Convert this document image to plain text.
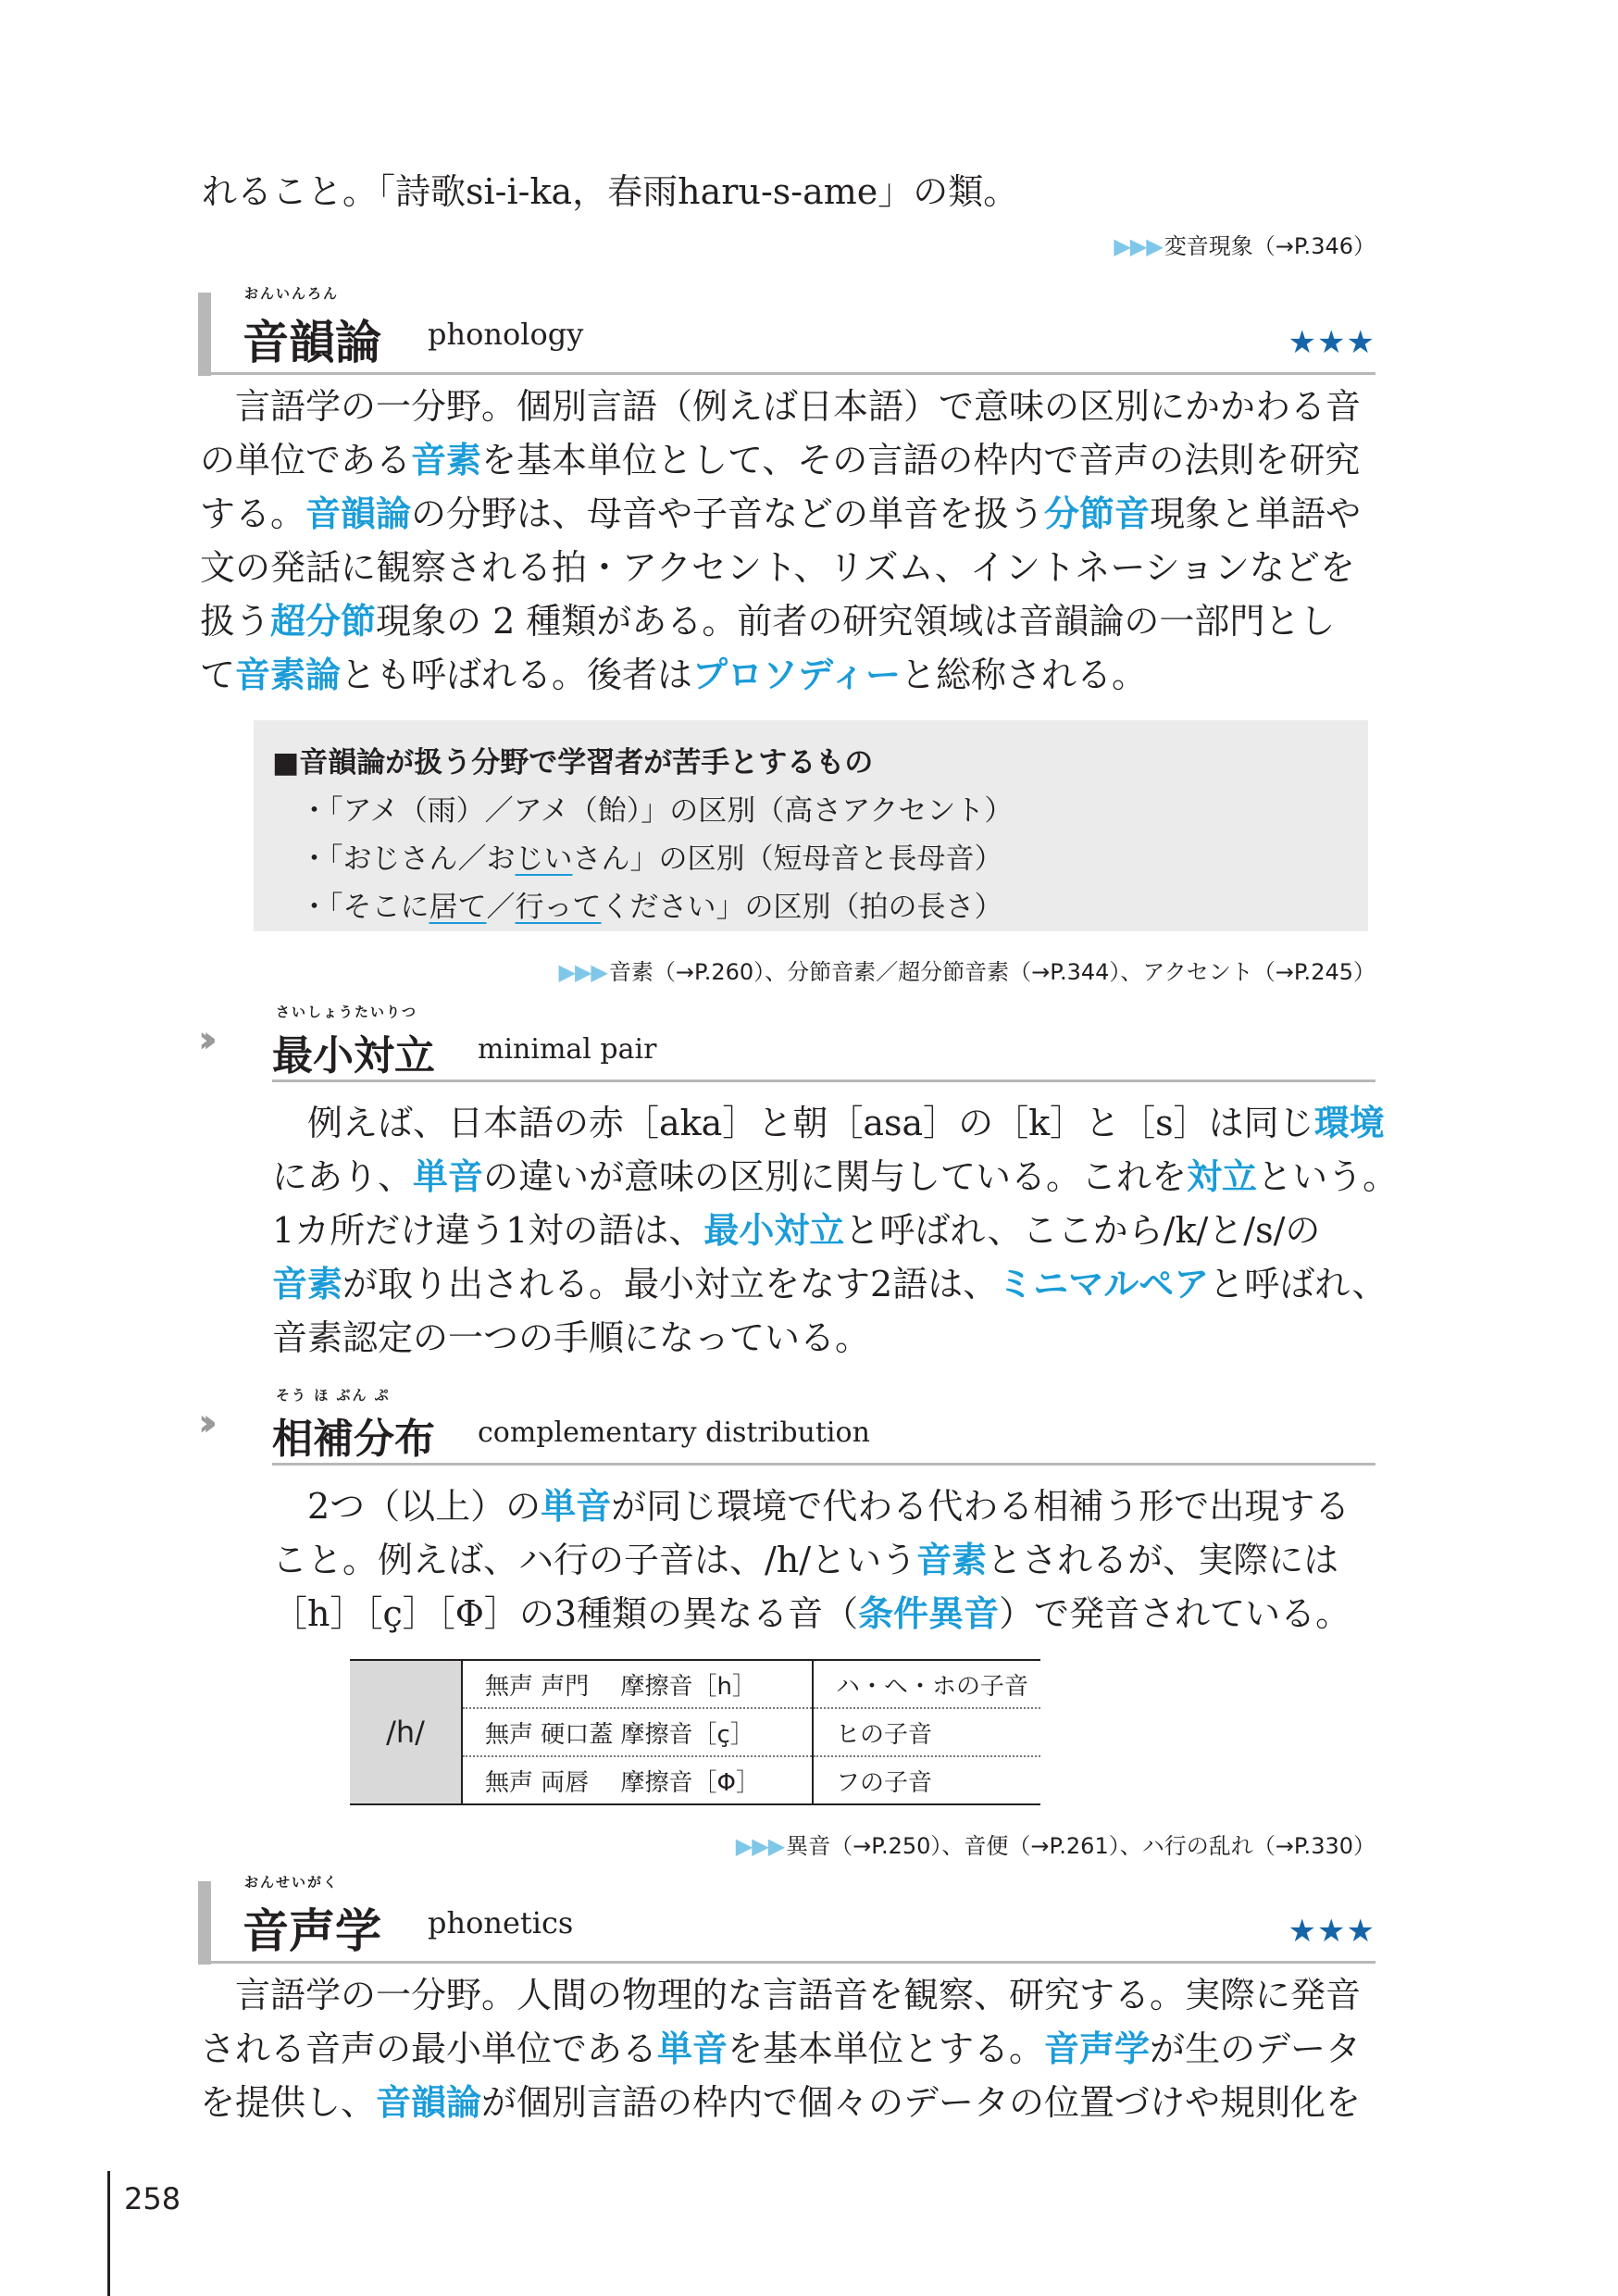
れること。「詩歌si-i-ka，春雨haru-s-ame」の類。
▶▶▶変音現象（→P.346）
おんいんろん
音韻論 phonology	★★★
　言語学の一分野。個別言語（例えば日本語）で意味の区別にかかわる音
の単位である音素を基本単位として、その言語の枠内で音声の法則を研究
する。音韻論の分野は、母音や子音などの単音を扱う分節音現象と単語や
文の発話に観察される拍・アクセント、リズム、イントネーションなどを
扱う超分節現象の 2 種類がある。前者の研究領域は音韻論の一部門とし
て音素論とも呼ばれる。後者はプロソディーと総称される。
■音韻論が扱う分野で学習者が苦手とするもの
・「アメ（雨）／アメ（飴）」の区別（高さアクセント）
・「おじさん／おじいさん」の区別（短母音と長母音）
・「そこに居て／行ってください」の区別（拍の長さ）
▶▶▶音素（→P.260）、分節音素／超分節音素（→P.344）、アクセント（→P.245）
››
さいしょうたいりつ
最小対立 minimal pair
　例えば、日本語の赤［aka］と朝［asa］の［k］と［s］は同じ環境
にあり、単音の違いが意味の区別に関与している。これを対立という。
1カ所だけ違う1対の語は、最小対立と呼ばれ、ここから/k/と/s/の
音素が取り出される。最小対立をなす2語は、ミニマルペアと呼ばれ、
音素認定の一つの手順になっている。
››
そう ほ ぶん ぷ
相補分布 complementary distribution
　2つ（以上）の単音が同じ環境で代わる代わる相補う形で出現する
こと。例えば、ハ行の子音は、/h/という音素とされるが、実際には
［h］［ç］［Φ］の3種類の異なる音（条件異音）で発音されている。
/h/	無声 声門　 摩擦音［h］	ハ・ヘ・ホの子音
	無声 硬口蓋 摩擦音［ç］	ヒの子音
	無声 両唇　 摩擦音［Φ］	フの子音
▶▶▶異音（→P.250）、音便（→P.261）、ハ行の乱れ（→P.330）
おんせいがく
音声学 phonetics	★★★
　言語学の一分野。人間の物理的な言語音を観察、研究する。実際に発音
される音声の最小単位である単音を基本単位とする。音声学が生のデータ
を提供し、音韻論が個別言語の枠内で個々のデータの位置づけや規則化を
258
